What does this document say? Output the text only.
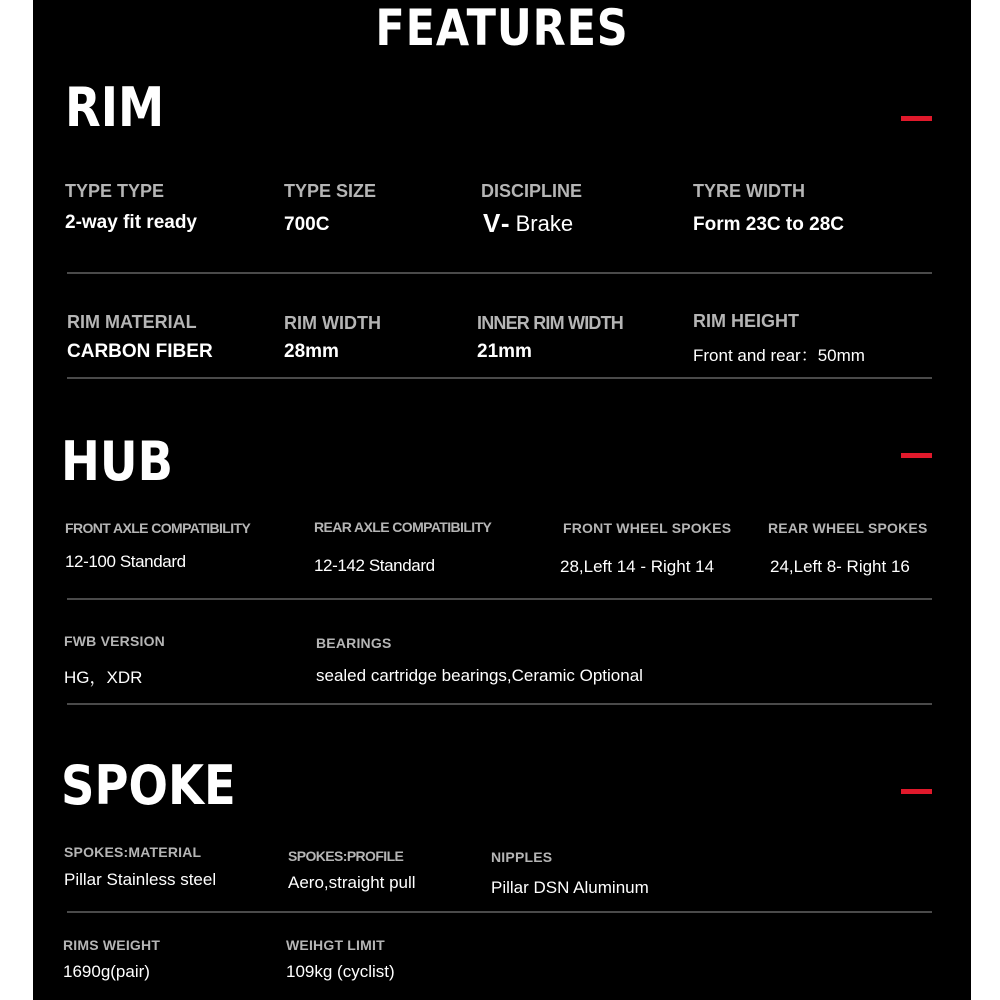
FEATURES
RIM
TYPE TYPE
2-way fit ready
TYPE SIZE
700C
DISCIPLINE
V- Brake
TYRE WIDTH
Form 23C to 28C
RIM MATERIAL
CARBON FIBER
RIM WIDTH
28mm
INNER RIM WIDTH
21mm
RIM HEIGHT
Front and rear：50mm
HUB
FRONT AXLE COMPATIBILITY
12-100 Standard
REAR AXLE COMPATIBILITY
12-142 Standard
FRONT WHEEL SPOKES
28,Left 14 - Right 14
REAR WHEEL SPOKES
24,Left 8- Right 16
FWB VERSION
HG，XDR
BEARINGS
sealed cartridge bearings,Ceramic Optional
SPOKE
SPOKES:MATERIAL
Pillar Stainless steel
SPOKES:PROFILE
Aero,straight pull
NIPPLES
Pillar DSN Aluminum
RIMS WEIGHT
1690g(pair)
WEIHGT LIMIT
109kg (cyclist)
